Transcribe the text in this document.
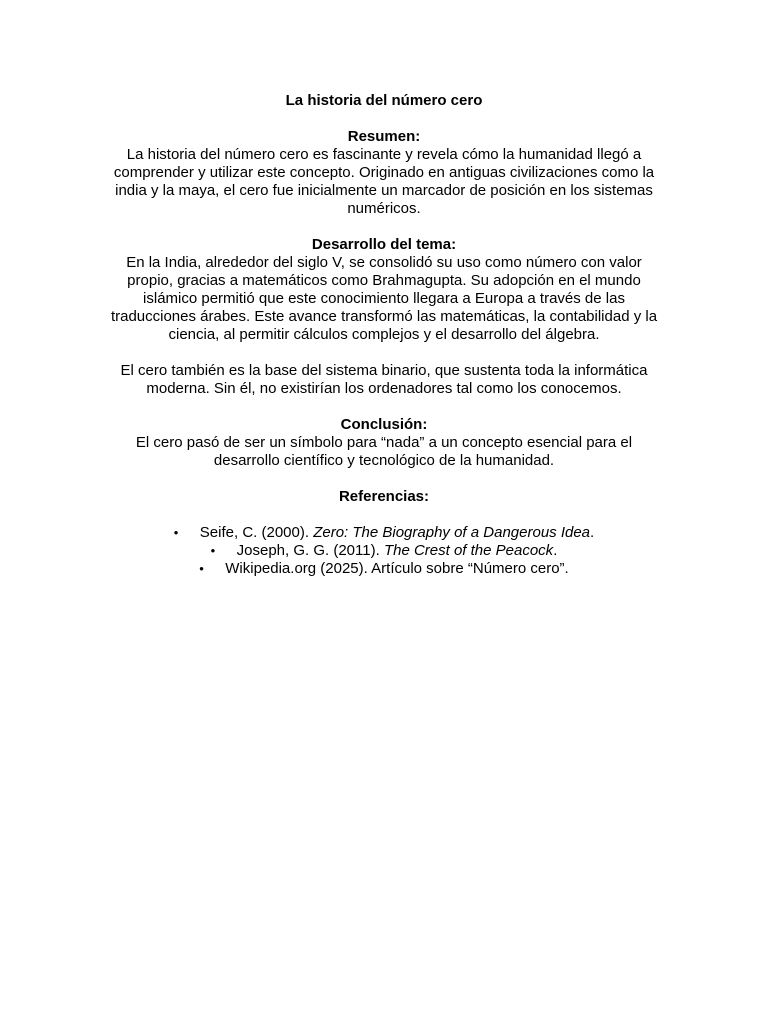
La historia del número cero

Resumen:

La historia del número cero es fascinante y revela cómo la humanidad llegó a comprender y utilizar este concepto. Originado en antiguas civilizaciones como la india y la maya, el cero fue inicialmente un marcador de posición en los sistemas numéricos.

Desarrollo del tema:

En la India, alrededor del siglo V, se consolidó su uso como número con valor propio, gracias a matemáticos como Brahmagupta. Su adopción en el mundo islámico permitió que este conocimiento llegara a Europa a través de las traducciones árabes. Este avance transformó las matemáticas, la contabilidad y la ciencia, al permitir cálculos complejos y el desarrollo del álgebra.

El cero también es la base del sistema binario, que sustenta toda la informática moderna. Sin él, no existirían los ordenadores tal como los conocemos.

Conclusión:

El cero pasó de ser un símbolo para “nada” a un concepto esencial para el desarrollo científico y tecnológico de la humanidad.

Referencias:

• Seife, C. (2000). Zero: The Biography of a Dangerous Idea.
• Joseph, G. G. (2011). The Crest of the Peacock.
• Wikipedia.org (2025). Artículo sobre “Número cero”.
